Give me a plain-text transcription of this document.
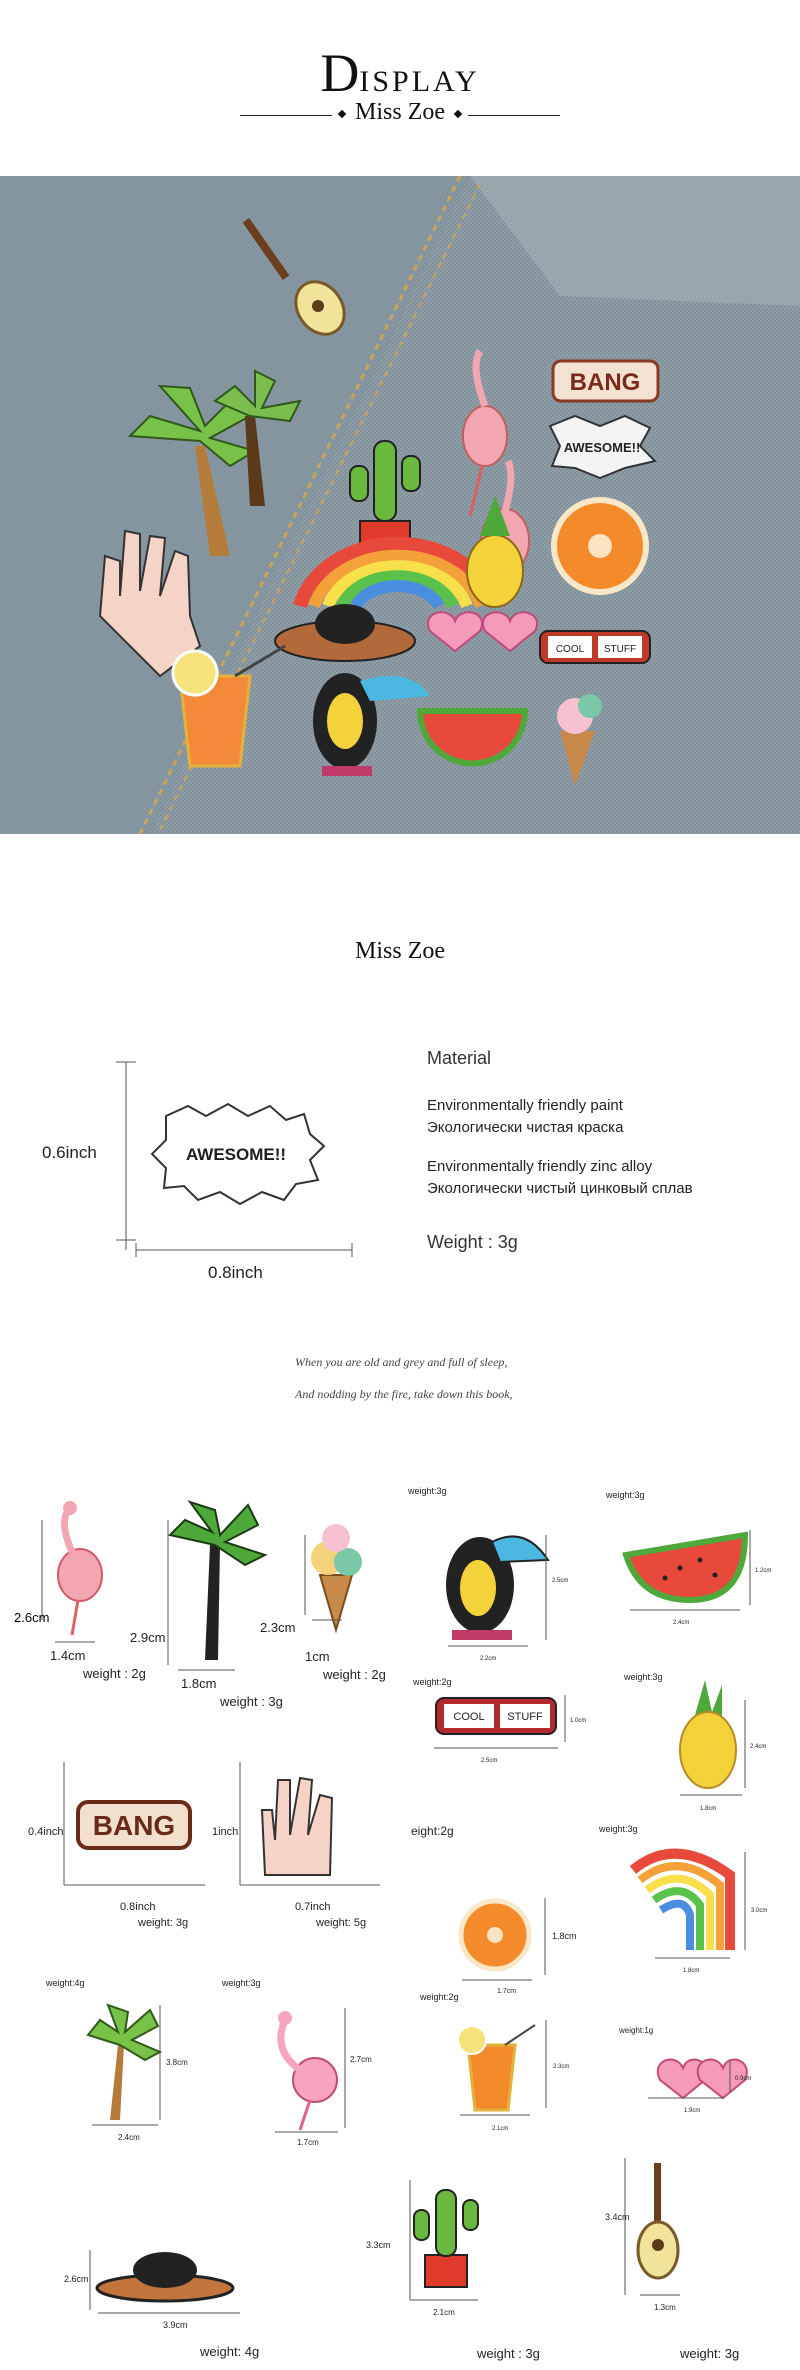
DISPLAY
Miss Zoe
BANG
AWESOME!!
COOL STUFF
Miss Zoe
AWESOME!!
0.6inch
0.8inch
Material
Environmentally friendly paint
Экологически чистая краска
Environmentally friendly zinc alloy
Экологически чистый цинковый сплав
Weight : 3g
When you are old and grey and full of sleep,
And nodding by the fire, take down this book,
2.6cm
1.4cm
weight : 2g
2.9cm
1.8cm
weight : 3g
2.3cm
1cm
weight : 2g
BANG
0.4inch
0.8inch
weight: 3g
1inch
0.7inch
weight: 5g
weight:4g
3.8cm
2.4cm
weight:3g
2.7cm
1.7cm
2.6cm
3.9cm
weight: 4g
weight:3g
2.5cm
2.2cm
weight:3g
1.2cm
2.4cm
COOL STUFF
weight:2g
1.0cm
2.5cm
weight:3g
2.4cm
1.8cm
eight:2g
1.8cm
1.7cm
weight:3g
3.0cm
1.8cm
weight:2g
2.3cm
2.1cm
weight:1g
0.9cm
1.9cm
3.3cm
2.1cm
weight : 3g
3.4cm
1.3cm
weight: 3g
